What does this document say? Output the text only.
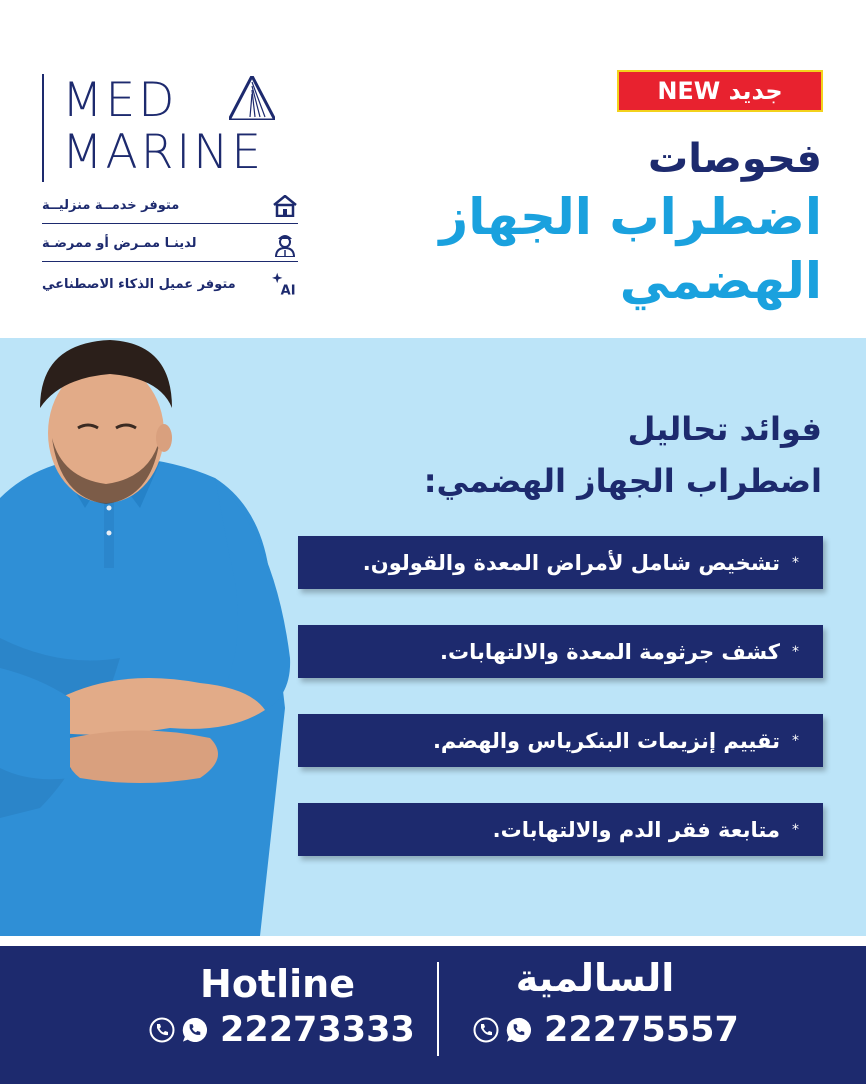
MED
MARINE
متوفر خدمــة منزليــة
لدينـا ممـرض أو ممرضـة
متوفر عميل الذكاء الاصطناعي	AI
جديد NEW
فحوصات
اضطراب الجهاز
الهضمي
فوائد تحاليل
اضطراب الجهاز الهضمي:
تشخيص شامل لأمراض المعدة والقولون. *
كشف جرثومة المعدة والالتهابات. *
تقييم إنزيمات البنكرياس والهضم. *
متابعة فقر الدم والالتهابات. *
السالمية
22275557
Hotline
22273333
